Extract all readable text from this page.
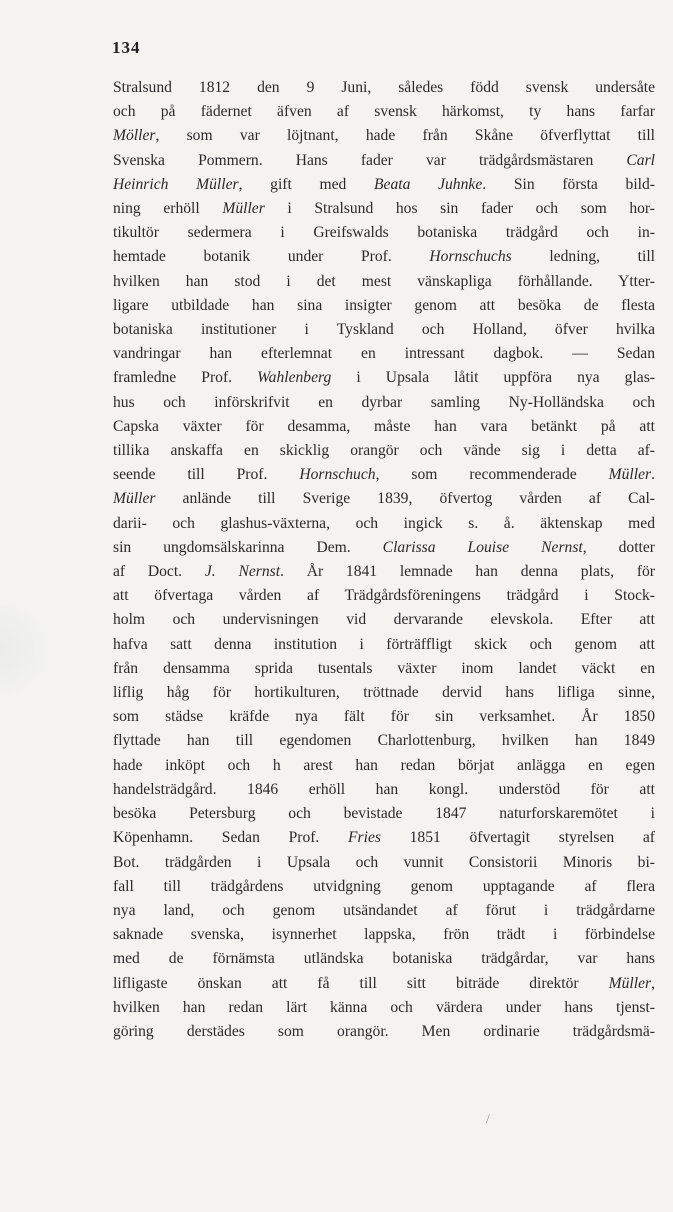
134
Stralsund 1812 den 9 Juni, således född svensk undersåte
och på fädernet äfven af svensk härkomst, ty hans farfar
Möller, som var löjtnant, hade från Skåne öfverflyttat till
Svenska Pommern. Hans fader var trädgårdsmästaren Carl
Heinrich Müller, gift med Beata Juhnke. Sin första bild-
ning erhöll Müller i Stralsund hos sin fader och som hor-
tikultör sedermera i Greifswalds botaniska trädgård och in-
hemtade botanik under Prof. Hornschuchs ledning, till
hvilken han stod i det mest vänskapliga förhållande. Ytter-
ligare utbildade han sina insigter genom att besöka de flesta
botaniska institutioner i Tyskland och Holland, öfver hvilka
vandringar han efterlemnat en intressant dagbok. — Sedan
framledne Prof. Wahlenberg i Upsala låtit uppföra nya glas-
hus och införskrifvit en dyrbar samling Ny-Holländska och
Capska växter för desamma, måste han vara betänkt på att
tillika anskaffa en skicklig orangör och vände sig i detta af-
seende till Prof. Hornschuch, som recommenderade Müller.
Müller anlände till Sverige 1839, öfvertog vården af Cal-
darii- och glashus-växterna, och ingick s. å. äktenskap med
sin ungdomsälskarinna Dem. Clarissa Louise Nernst, dotter
af Doct. J. Nernst. År 1841 lemnade han denna plats, för
att öfvertaga vården af Trädgårdsföreningens trädgård i Stock-
holm och undervisningen vid dervarande elevskola. Efter att
hafva satt denna institution i förträffligt skick och genom att
från densamma sprida tusentals växter inom landet väckt en
liflig håg för hortikulturen, tröttnade dervid hans lifliga sinne,
som städse kräfde nya fält för sin verksamhet. År 1850
flyttade han till egendomen Charlottenburg, hvilken han 1849
hade inköpt och h arest han redan börjat anlägga en egen
handelsträdgård. 1846 erhöll han kongl. understöd för att
besöka Petersburg och bevistade 1847 naturforskaremötet i
Köpenhamn. Sedan Prof. Fries 1851 öfvertagit styrelsen af
Bot. trädgården i Upsala och vunnit Consistorii Minoris bi-
fall till trädgårdens utvidgning genom upptagande af flera
nya land, och genom utsändandet af förut i trädgårdarne
saknade svenska, isynnerhet lappska, frön trädt i förbindelse
med de förnämsta utländska botaniska trädgårdar, var hans
lifligaste önskan att få till sitt biträde direktör Müller,
hvilken han redan lärt känna och värdera under hans tjenst-
göring derstädes som orangör. Men ordinarie trädgårdsmä-
/
